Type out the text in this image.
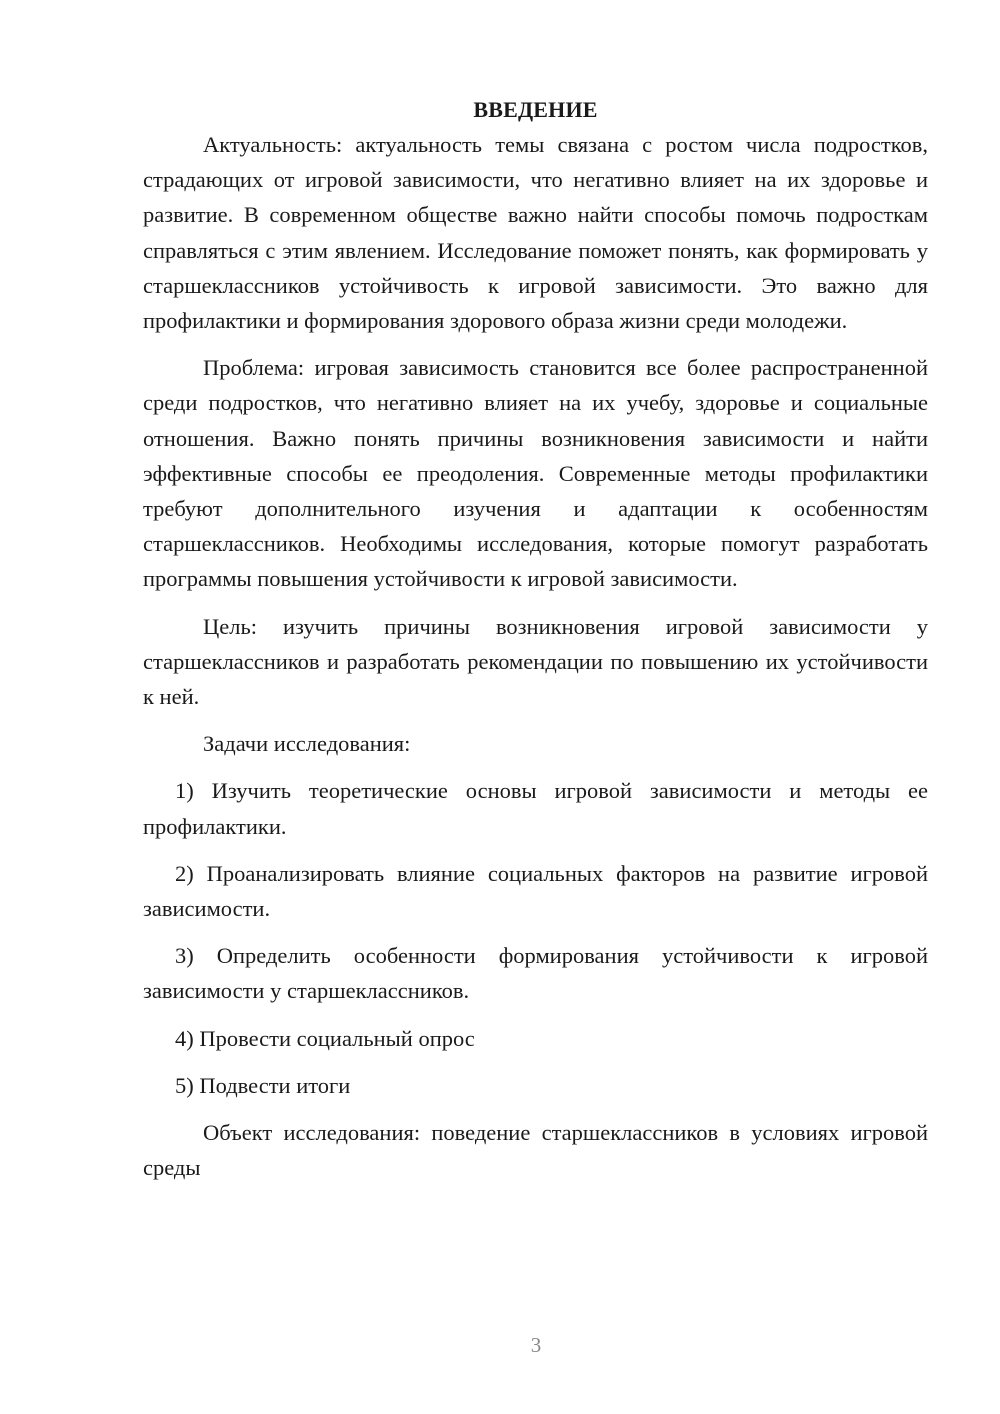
ВВЕДЕНИЕ

Актуальность: актуальность темы связана с ростом числа подростков, страдающих от игровой зависимости, что негативно влияет на их здоровье и развитие. В современном обществе важно найти способы помочь подросткам справляться с этим явлением. Исследование поможет понять, как формировать у старшеклассников устойчивость к игровой зависимости. Это важно для профилактики и формирования здорового образа жизни среди молодежи.

Проблема: игровая зависимость становится все более распространенной среди подростков, что негативно влияет на их учебу, здоровье и социальные отношения. Важно понять причины возникновения зависимости и найти эффективные способы ее преодоления. Современные методы профилактики требуют дополнительного изучения и адаптации к особенностям старшеклассников. Необходимы исследования, которые помогут разработать программы повышения устойчивости к игровой зависимости.

Цель: изучить причины возникновения игровой зависимости у старшеклассников и разработать рекомендации по повышению их устойчивости к ней.

Задачи исследования:

1) Изучить теоретические основы игровой зависимости и методы ее профилактики.

2) Проанализировать влияние социальных факторов на развитие игровой зависимости.

3) Определить особенности формирования устойчивости к игровой зависимости у старшеклассников.

4) Провести социальный опрос

5) Подвести итоги

Объект исследования: поведение старшеклассников в условиях игровой среды

3
